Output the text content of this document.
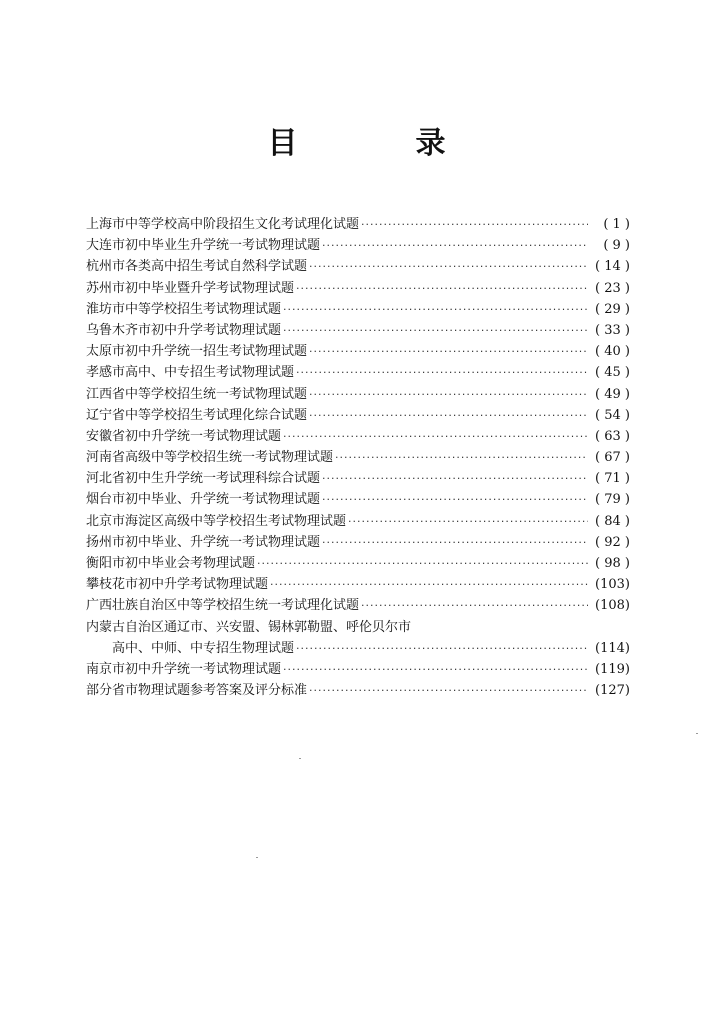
目　录
上海市中等学校高中阶段招生文化考试理化试题 ·····	( 1 )
大连市初中毕业生升学统一考试物理试题 ·····	( 9 )
杭州市各类高中招生考试自然科学试题 ·····	( 14 )
苏州市初中毕业暨升学考试物理试题 ·····	( 23 )
淮坊市中等学校招生考试物理试题 ·····	( 29 )
乌鲁木齐市初中升学考试物理试题 ·····	( 33 )
太原市初中升学统一招生考试物理试题 ·····	( 40 )
孝感市高中、中专招生考试物理试题 ·····	( 45 )
江西省中等学校招生统一考试物理试题 ·····	( 49 )
辽宁省中等学校招生考试理化综合试题 ·····	( 54 )
安徽省初中升学统一考试物理试题 ·····	( 63 )
河南省高级中等学校招生统一考试物理试题 ·····	( 67 )
河北省初中生升学统一考试理科综合试题 ·····	( 71 )
烟台市初中毕业、升学统一考试物理试题 ·····	( 79 )
北京市海淀区高级中等学校招生考试物理试题 ·····	( 84 )
扬州市初中毕业、升学统一考试物理试题 ·····	( 92 )
衡阳市初中毕业会考物理试题 ·····	( 98 )
攀枝花市初中升学考试物理试题 ·····	(103)
广西壮族自治区中等学校招生统一考试理化试题 ·····	(108)
内蒙古自治区通辽市、兴安盟、锡林郭勒盟、呼伦贝尔市
高中、中师、中专招生物理试题 ·····	(114)
南京市初中升学统一考试物理试题 ·····	(119)
部分省市物理试题参考答案及评分标准 ·····	(127)
